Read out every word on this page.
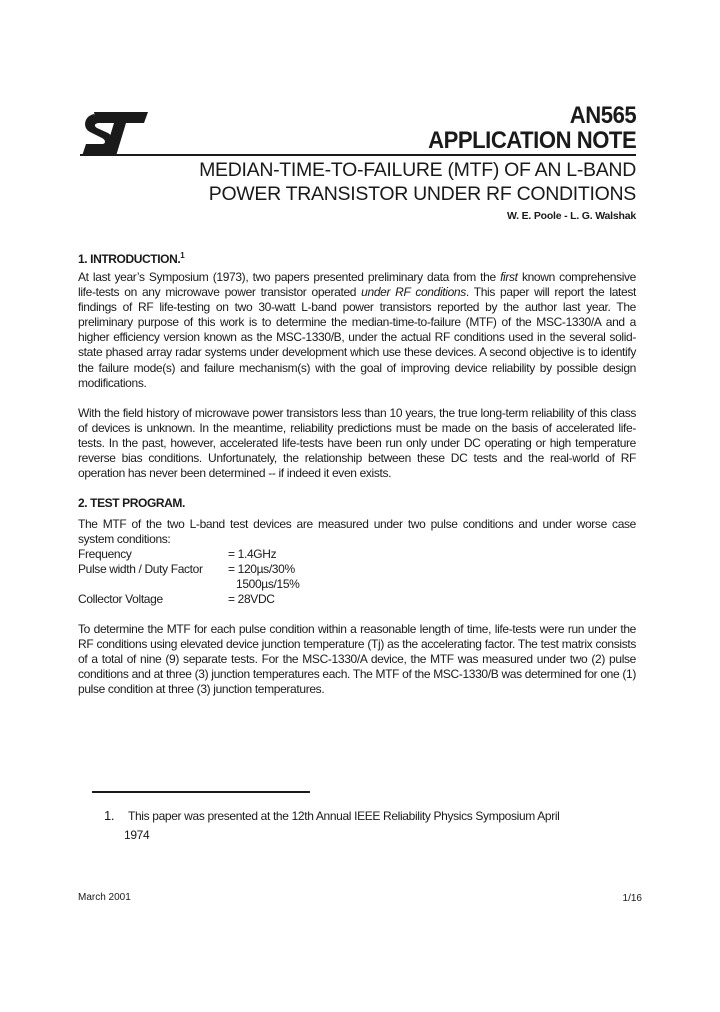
AN565
APPLICATION NOTE
MEDIAN-TIME-TO-FAILURE (MTF) OF AN L-BAND
POWER TRANSISTOR UNDER RF CONDITIONS
W. E. Poole - L. G. Walshak
1. INTRODUCTION.$^1$

At last year’s Symposium (1973), two papers presented preliminary data from the first known comprehensive life-tests on any microwave power transistor operated under RF conditions. This paper will report the latest findings of RF life-testing on two 30-watt L-band power transistors reported by the author last year. The preliminary purpose of this work is to determine the median-time-to-failure (MTF) of the MSC-1330/A and a higher efficiency version known as the MSC-1330/B, under the actual RF conditions used in the several solid-state phased array radar systems under development which use these devices. A second objective is to identify the failure mode(s) and failure mechanism(s) with the goal of improving device reliability by possible design modifications.

With the field history of microwave power transistors less than 10 years, the true long-term reliability of this class of devices is unknown. In the meantime, reliability predictions must be made on the basis of accelerated life-tests. In the past, however, accelerated life-tests have been run only under DC operating or high temperature reverse bias conditions. Unfortunately, the relationship between these DC tests and the real-world of RF operation has never been determined -- if indeed it even exists.

2. TEST PROGRAM.

The MTF of the two L-band test devices are measured under two pulse conditions and under worse case system conditions:

Frequency	= 1.4GHz
Pulse width / Duty Factor = 120µs/30%
1500µs/15%
Collector Voltage	= 28VDC

To determine the MTF for each pulse condition within a reasonable length of time, life-tests were run under the RF conditions using elevated device junction temperature (Tj) as the accelerating factor. The test matrix consists of a total of nine (9) separate tests. For the MSC-1330/A device, the MTF was measured under two (2) pulse conditions and at three (3) junction temperatures each. The MTF of the MSC-1330/B was determined for one (1) pulse condition at three (3) junction temperatures.

1. This paper was presented at the 12th Annual IEEE Reliability Physics Symposium April
1974
March 2001	1/16
